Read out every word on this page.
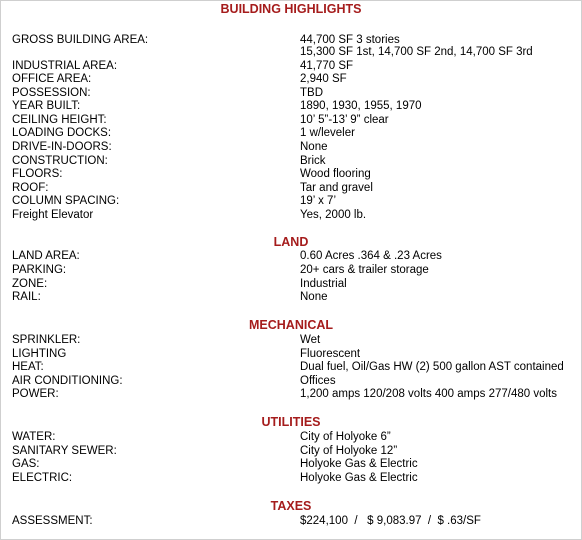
BUILDING HIGHLIGHTS
GROSS BUILDING AREA:	44,700 SF 3 stories
15,300 SF 1st, 14,700 SF 2nd, 14,700 SF 3rd
INDUSTRIAL AREA:	41,770 SF
OFFICE AREA:	2,940 SF
POSSESSION:	TBD
YEAR BUILT:	1890, 1930, 1955, 1970
CEILING HEIGHT:	10’ 5”-13’ 9” clear
LOADING DOCKS:	1 w/leveler
DRIVE-IN-DOORS:	None
CONSTRUCTION:	Brick
FLOORS:	Wood flooring
ROOF:	Tar and gravel
COLUMN SPACING:	19’ x 7’
Freight Elevator	Yes, 2000 lb.
LAND
LAND AREA:	0.60 Acres .364 & .23 Acres
PARKING:	20+ cars & trailer storage
ZONE:	Industrial
RAIL:	None
MECHANICAL
SPRINKLER:	Wet
LIGHTING	Fluorescent
HEAT:	Dual fuel, Oil/Gas HW (2) 500 gallon AST contained
AIR CONDITIONING:	Offices
POWER:	1,200 amps 120/208 volts 400 amps 277/480 volts
UTILITIES
WATER:	City of Holyoke 6”
SANITARY SEWER:	City of Holyoke 12”
GAS:	Holyoke Gas & Electric
ELECTRIC:	Holyoke Gas & Electric
TAXES
ASSESSMENT:	$224,100  /   $ 9,083.97  /  $ .63/SF
